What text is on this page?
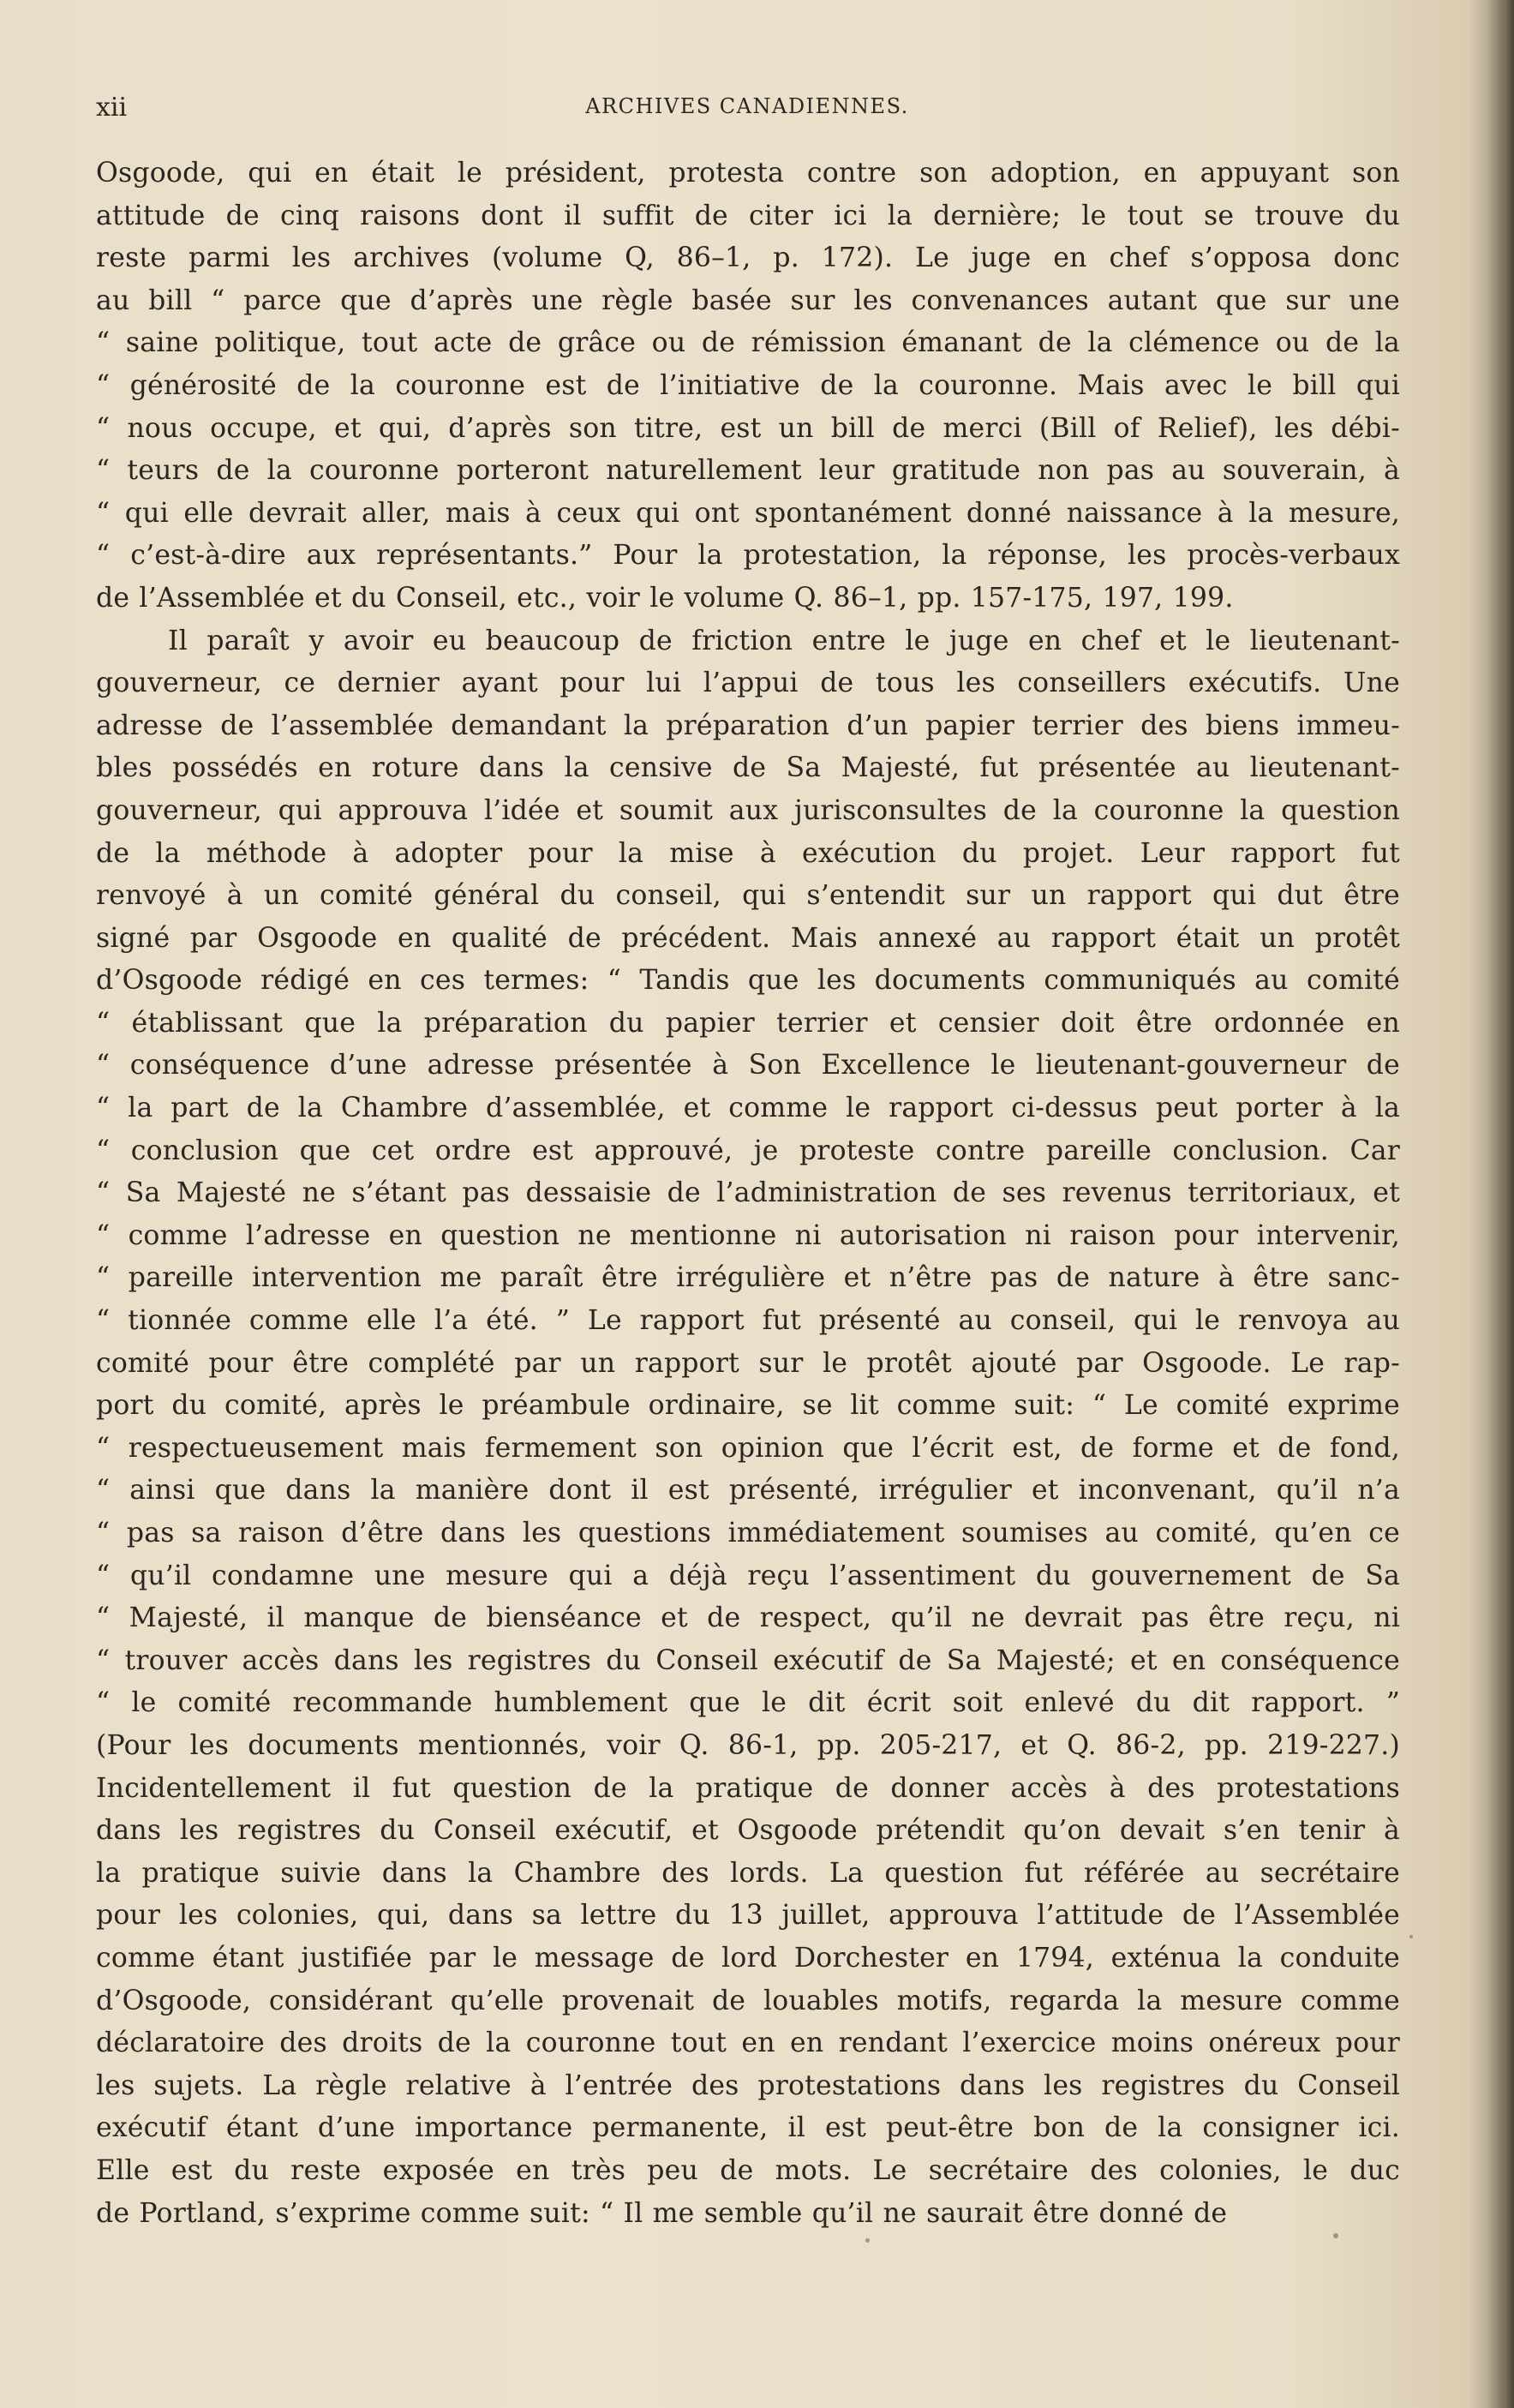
xii	ARCHIVES CANADIENNES.
Osgoode, qui en était le président, protesta contre son adoption, en appuyant son
attitude de cinq raisons dont il suffit de citer ici la dernière; le tout se trouve du
reste parmi les archives (volume Q, 86–1, p. 172). Le juge en chef s’opposa donc
au bill “ parce que d’après une règle basée sur les convenances autant que sur une
“ saine politique, tout acte de grâce ou de rémission émanant de la clémence ou de la
“ générosité de la couronne est de l’initiative de la couronne. Mais avec le bill qui
“ nous occupe, et qui, d’après son titre, est un bill de merci (Bill of Relief), les débi-
“ teurs de la couronne porteront naturellement leur gratitude non pas au souverain, à
“ qui elle devrait aller, mais à ceux qui ont spontanément donné naissance à la mesure,
“ c’est-à-dire aux représentants.” Pour la protestation, la réponse, les procès-verbaux
de l’Assemblée et du Conseil, etc., voir le volume Q. 86–1, pp. 157-175, 197, 199.
Il paraît y avoir eu beaucoup de friction entre le juge en chef et le lieutenant-
gouverneur, ce dernier ayant pour lui l’appui de tous les conseillers exécutifs. Une
adresse de l’assemblée demandant la préparation d’un papier terrier des biens immeu-
bles possédés en roture dans la censive de Sa Majesté, fut présentée au lieutenant-
gouverneur, qui approuva l’idée et soumit aux jurisconsultes de la couronne la question
de la méthode à adopter pour la mise à exécution du projet. Leur rapport fut
renvoyé à un comité général du conseil, qui s’entendit sur un rapport qui dut être
signé par Osgoode en qualité de précédent. Mais annexé au rapport était un protêt
d’Osgoode rédigé en ces termes: “ Tandis que les documents communiqués au comité
“ établissant que la préparation du papier terrier et censier doit être ordonnée en
“ conséquence d’une adresse présentée à Son Excellence le lieutenant-gouverneur de
“ la part de la Chambre d’assemblée, et comme le rapport ci-dessus peut porter à la
“ conclusion que cet ordre est approuvé, je proteste contre pareille conclusion. Car
“ Sa Majesté ne s’étant pas dessaisie de l’administration de ses revenus territoriaux, et
“ comme l’adresse en question ne mentionne ni autorisation ni raison pour intervenir,
“ pareille intervention me paraît être irrégulière et n’être pas de nature à être sanc-
“ tionnée comme elle l’a été. ” Le rapport fut présenté au conseil, qui le renvoya au
comité pour être complété par un rapport sur le protêt ajouté par Osgoode. Le rap-
port du comité, après le préambule ordinaire, se lit comme suit: “ Le comité exprime
“ respectueusement mais fermement son opinion que l’écrit est, de forme et de fond,
“ ainsi que dans la manière dont il est présenté, irrégulier et inconvenant, qu’il n’a
“ pas sa raison d’être dans les questions immédiatement soumises au comité, qu’en ce
“ qu’il condamne une mesure qui a déjà reçu l’assentiment du gouvernement de Sa
“ Majesté, il manque de bienséance et de respect, qu’il ne devrait pas être reçu, ni
“ trouver accès dans les registres du Conseil exécutif de Sa Majesté; et en conséquence
“ le comité recommande humblement que le dit écrit soit enlevé du dit rapport. ”
(Pour les documents mentionnés, voir Q. 86-1, pp. 205-217, et Q. 86-2, pp. 219-227.)
Incidentellement il fut question de la pratique de donner accès à des protestations
dans les registres du Conseil exécutif, et Osgoode prétendit qu’on devait s’en tenir à
la pratique suivie dans la Chambre des lords. La question fut référée au secrétaire
pour les colonies, qui, dans sa lettre du 13 juillet, approuva l’attitude de l’Assemblée
comme étant justifiée par le message de lord Dorchester en 1794, exténua la conduite
d’Osgoode, considérant qu’elle provenait de louables motifs, regarda la mesure comme
déclaratoire des droits de la couronne tout en en rendant l’exercice moins onéreux pour
les sujets. La règle relative à l’entrée des protestations dans les registres du Conseil
exécutif étant d’une importance permanente, il est peut-être bon de la consigner ici.
Elle est du reste exposée en très peu de mots. Le secrétaire des colonies, le duc
de Portland, s’exprime comme suit: “ Il me semble qu’il ne saurait être donné de
